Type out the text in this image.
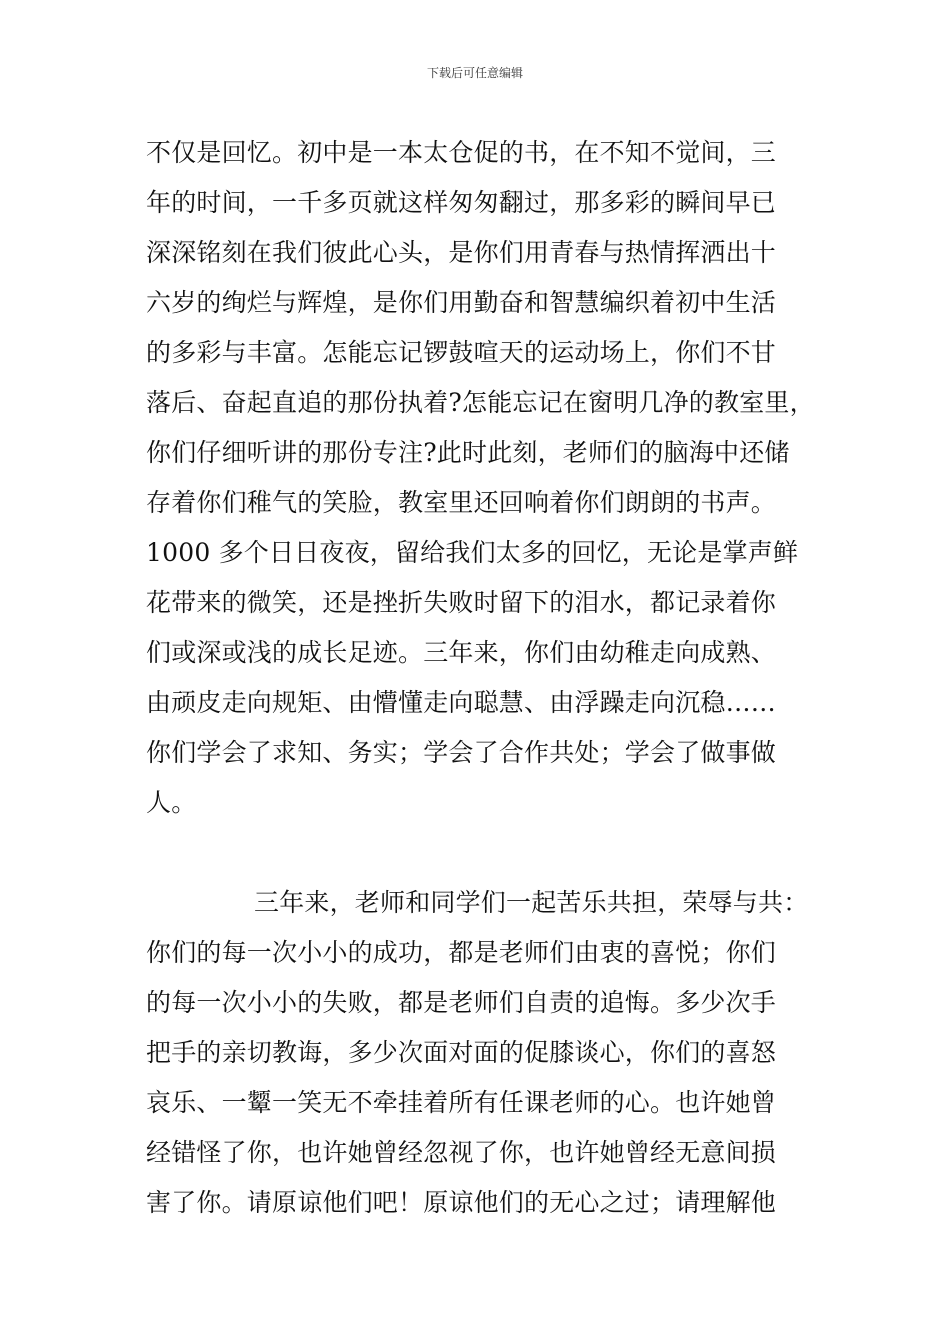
下载后可任意编辑
不仅是回忆。初中是一本太仓促的书，在不知不觉间，三
年的时间，一千多页就这样匆匆翻过，那多彩的瞬间早已
深深铭刻在我们彼此心头，是你们用青春与热情挥洒出十
六岁的绚烂与辉煌，是你们用勤奋和智慧编织着初中生活
的多彩与丰富。怎能忘记锣鼓喧天的运动场上，你们不甘
落后、奋起直追的那份执着?怎能忘记在窗明几净的教室里，
你们仔细听讲的那份专注?此时此刻，老师们的脑海中还储
存着你们稚气的笑脸，教室里还回响着你们朗朗的书声。
1000 多个日日夜夜，留给我们太多的回忆，无论是掌声鲜
花带来的微笑，还是挫折失败时留下的泪水，都记录着你
们或深或浅的成长足迹。三年来，你们由幼稚走向成熟、
由顽皮走向规矩、由懵懂走向聪慧、由浮躁走向沉稳……
你们学会了求知、务实；学会了合作共处；学会了做事做
人。
三年来，老师和同学们一起苦乐共担，荣辱与共：
你们的每一次小小的成功，都是老师们由衷的喜悦；你们
的每一次小小的失败，都是老师们自责的追悔。多少次手
把手的亲切教诲，多少次面对面的促膝谈心，你们的喜怒
哀乐、一颦一笑无不牵挂着所有任课老师的心。也许她曾
经错怪了你，也许她曾经忽视了你，也许她曾经无意间损
害了你。请原谅他们吧！原谅他们的无心之过；请理解他
